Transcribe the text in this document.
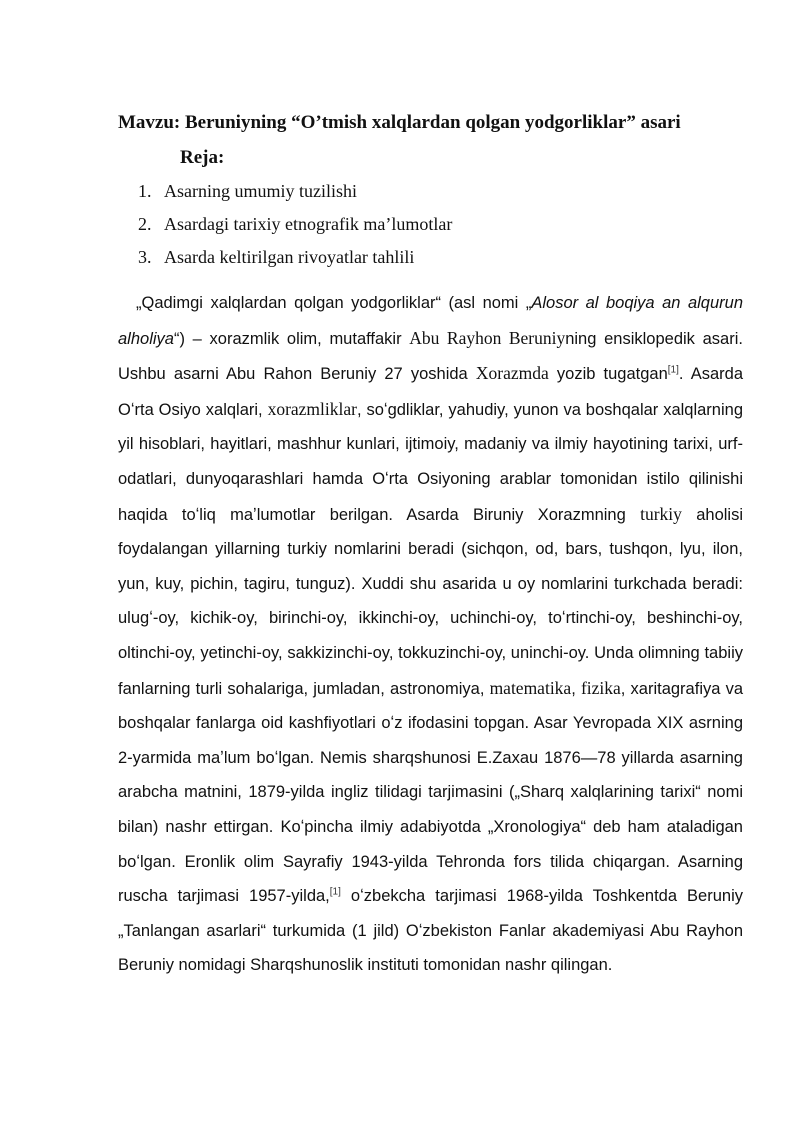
Mavzu: Beruniyning “O’tmish xalqlardan qolgan yodgorliklar” asari
Reja:
1. Asarning umumiy tuzilishi
2. Asardagi tarixiy etnografik ma’lumotlar
3. Asarda keltirilgan rivoyatlar tahlili

„Qadimgi xalqlardan qolgan yodgorliklar“ (asl nomi „Alosor al boqiya an alqurun alholiya“) – xorazmlik olim, mutaffakir Abu Rayhon Beruniyning ensiklopedik asari. Ushbu asarni Abu Rahon Beruniy 27 yoshida Xorazmda yozib tugatgan[1]. Asarda Oʻrta Osiyo xalqlari, xorazmliklar, soʻgdliklar, yahudiy, yunon va boshqalar xalqlarning yil hisoblari, hayitlari, mashhur kunlari, ijtimoiy, madaniy va ilmiy hayotining tarixi, urf-odatlari, dunyoqarashlari hamda Oʻrta Osiyoning arablar tomonidan istilo qilinishi haqida toʻliq maʼlumotlar berilgan. Asarda Biruniy Xorazmning turkiy aholisi foydalangan yillarning turkiy nomlarini beradi (sichqon, od, bars, tushqon, lyu, ilon, yun, kuy, pichin, tagiru, tunguz). Xuddi shu asarida u oy nomlarini turkchada beradi: ulugʻ-oy, kichik-oy, birinchi-oy, ikkinchi-oy, uchinchi-oy, toʻrtinchi-oy, beshinchi-oy, oltinchi-oy, yetinchi-oy, sakkizinchi-oy, tokkuzinchi-oy, uninchi-oy. Unda olimning tabiiy fanlarning turli sohalariga, jumladan, astronomiya, matematika, fizika, xaritagrafiya va boshqalar fanlarga oid kashfiyotlari oʻz ifodasini topgan. Asar Yevropada XIX asrning 2-yarmida maʼlum boʻlgan. Nemis sharqshunosi E.Zaxau 1876—78 yillarda asarning arabcha matnini, 1879-yilda ingliz tilidagi tarjimasini („Sharq xalqlarining tarixi“ nomi bilan) nashr ettirgan. Koʻpincha ilmiy adabiyotda „Xronologiya“ deb ham ataladigan boʻlgan. Eronlik olim Sayrafiy 1943-yilda Tehronda fors tilida chiqargan. Asarning ruscha tarjimasi 1957-yilda,[1] oʻzbekcha tarjimasi 1968-yilda Toshkentda Beruniy „Tanlangan asarlari“ turkumida (1 jild) Oʻzbekiston Fanlar akademiyasi Abu Rayhon Beruniy nomidagi Sharqshunoslik instituti tomonidan nashr qilingan.
